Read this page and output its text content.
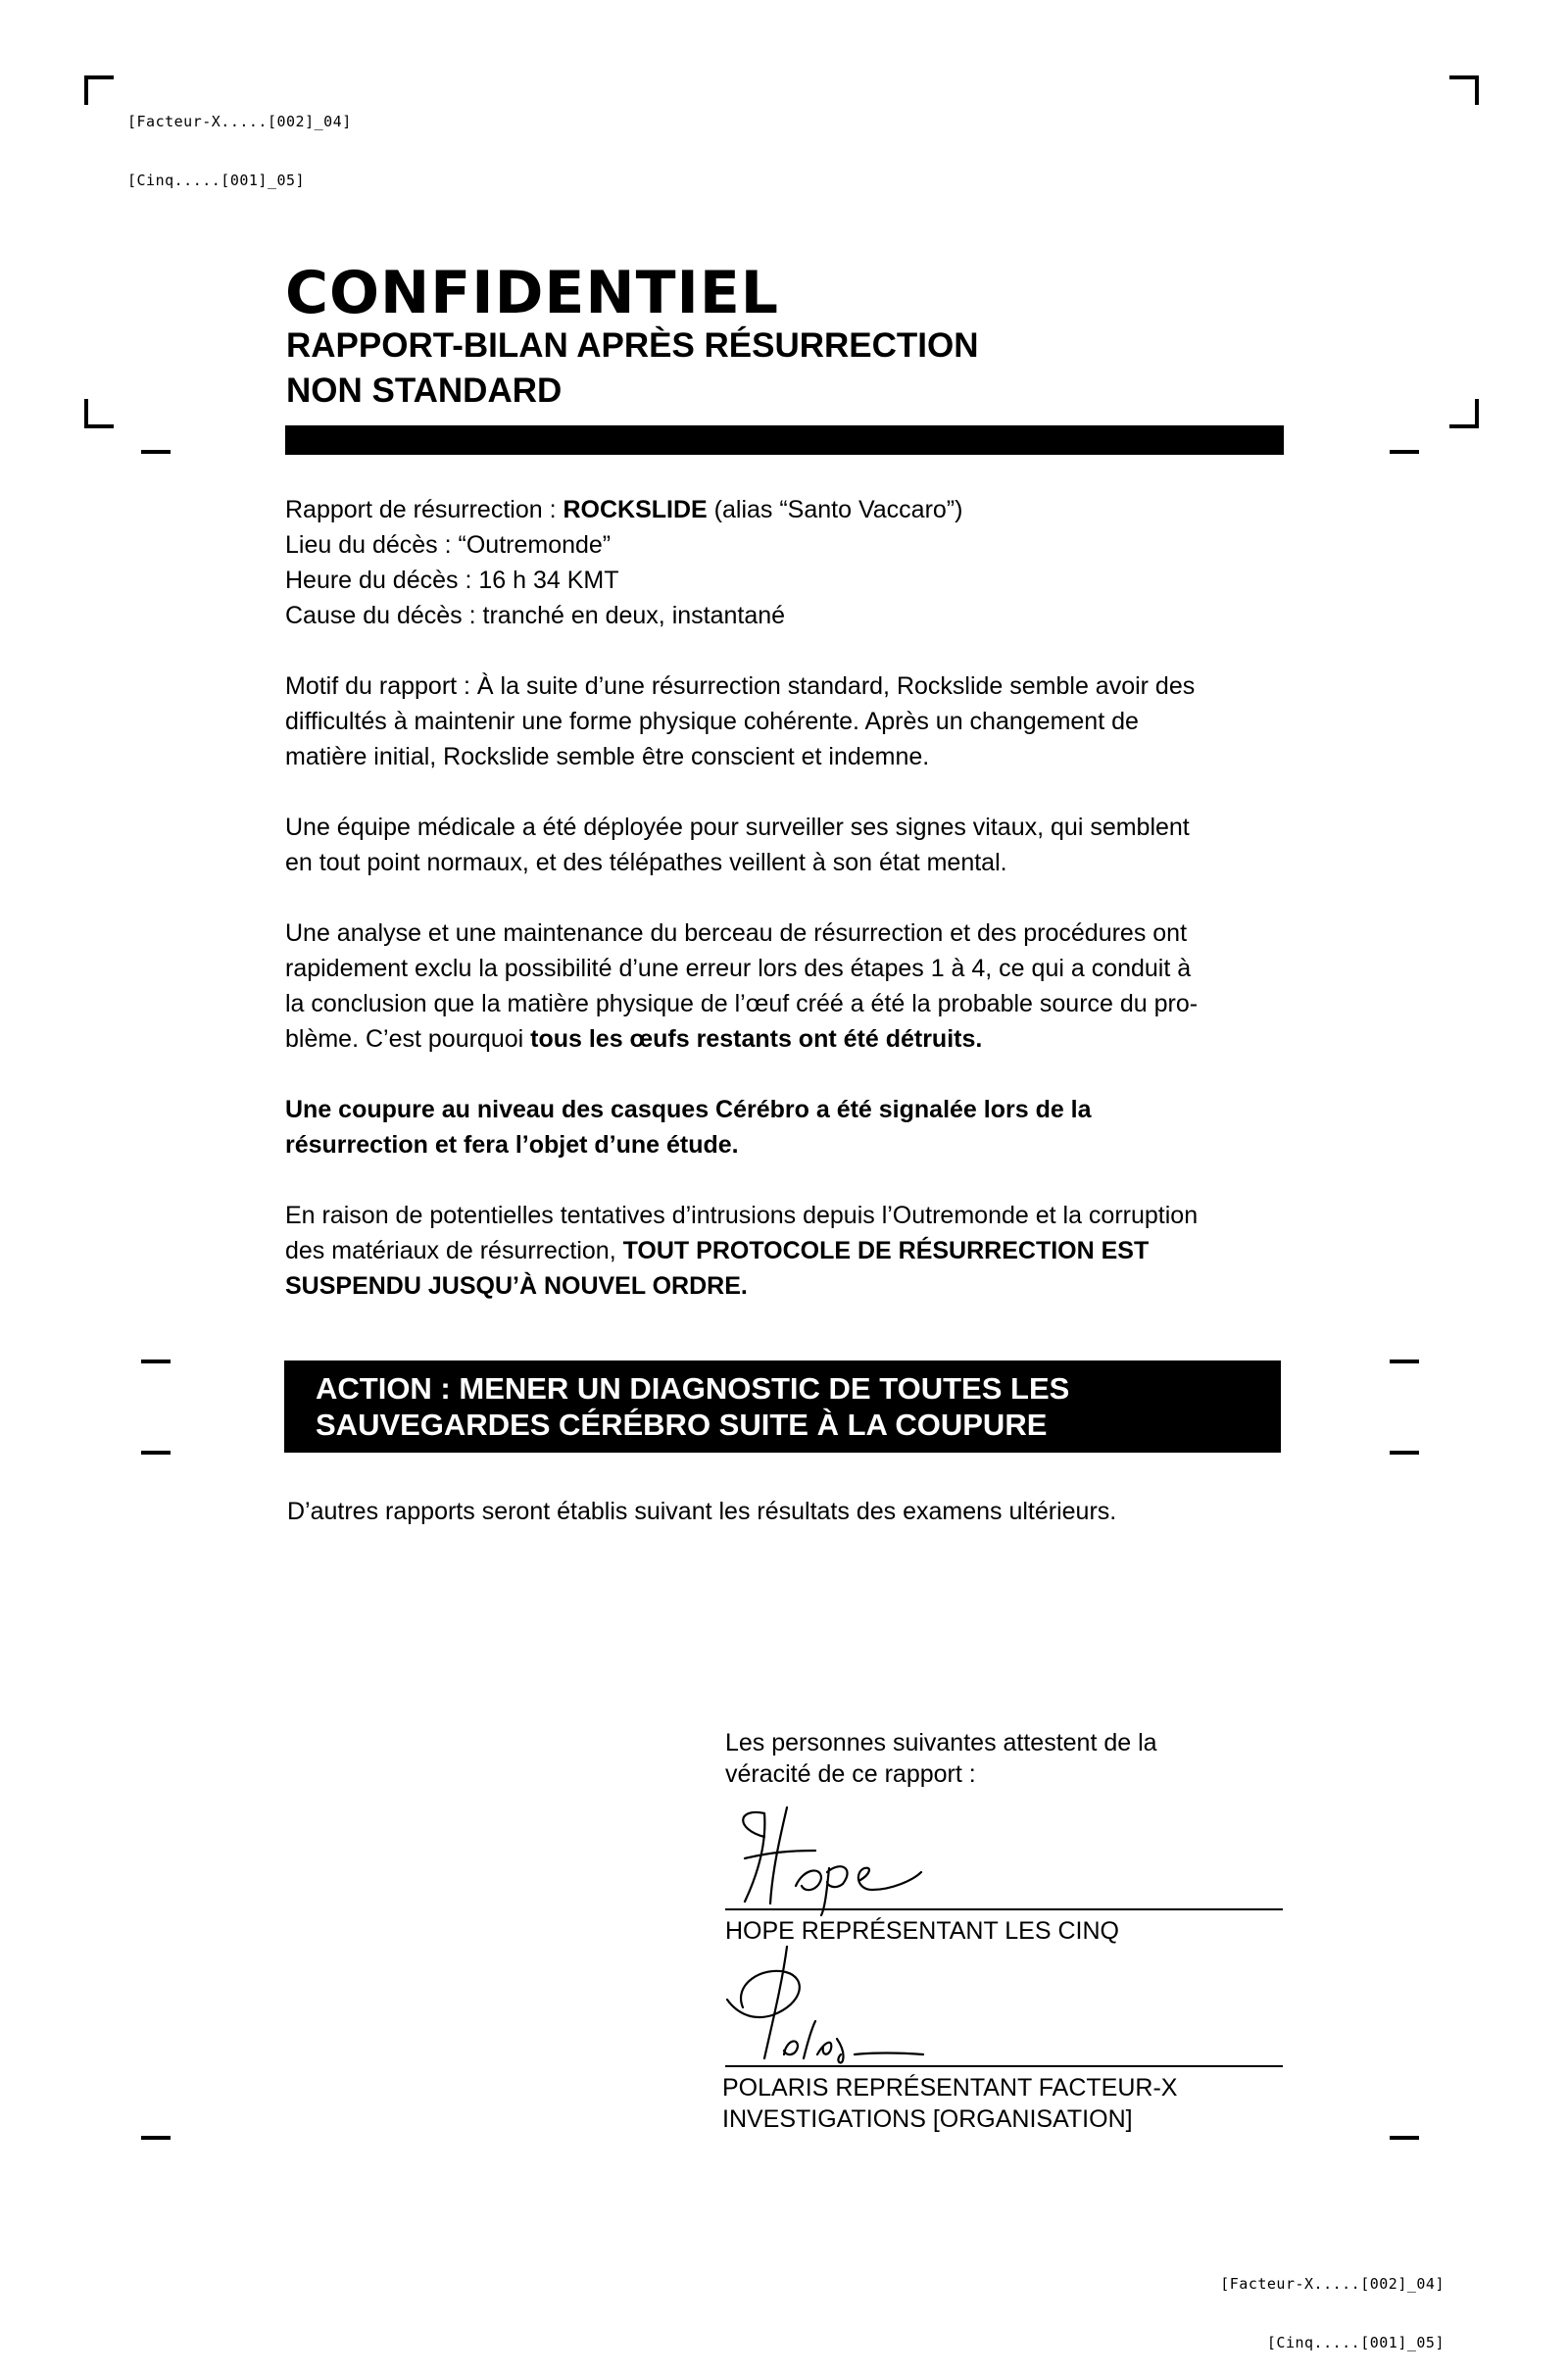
[Facteur-X.....[002]_04]

[Cinq.....[001]_05]

[Facteur-X.....[002]_04]

[Cinq.....[001]_05]

CONFIDENTIEL
RAPPORT-BILAN APRÈS RÉSURRECTION
NON STANDARD
Rapport de résurrection : ROCKSLIDE (alias “Santo Vaccaro”)
Lieu du décès : “Outremonde”
Heure du décès : 16 h 34 KMT
Cause du décès : tranché en deux, instantané
Motif du rapport : À la suite d’une résurrection standard, Rockslide semble avoir des
difficultés à maintenir une forme physique cohérente. Après un changement de
matière initial, Rockslide semble être conscient et indemne.
Une équipe médicale a été déployée pour surveiller ses signes vitaux, qui semblent
en tout point normaux, et des télépathes veillent à son état mental.
Une analyse et une maintenance du berceau de résurrection et des procédures ont
rapidement exclu la possibilité d’une erreur lors des étapes 1 à 4, ce qui a conduit à
la conclusion que la matière physique de l’œuf créé a été la probable source du pro-
blème. C’est pourquoi tous les œufs restants ont été détruits.
Une coupure au niveau des casques Cérébro a été signalée lors de la
résurrection et fera l’objet d’une étude.
En raison de potentielles tentatives d’intrusions depuis l’Outremonde et la corruption
des matériaux de résurrection, TOUT PROTOCOLE DE RÉSURRECTION EST
SUSPENDU JUSQU’À NOUVEL ORDRE.
ACTION : MENER UN DIAGNOSTIC DE TOUTES LES
SAUVEGARDES CÉRÉBRO SUITE À LA COUPURE
D’autres rapports seront établis suivant les résultats des examens ultérieurs.
Les personnes suivantes attestent de la
véracité de ce rapport :
HOPE REPRÉSENTANT LES CINQ
POLARIS REPRÉSENTANT FACTEUR-X
INVESTIGATIONS [ORGANISATION]
